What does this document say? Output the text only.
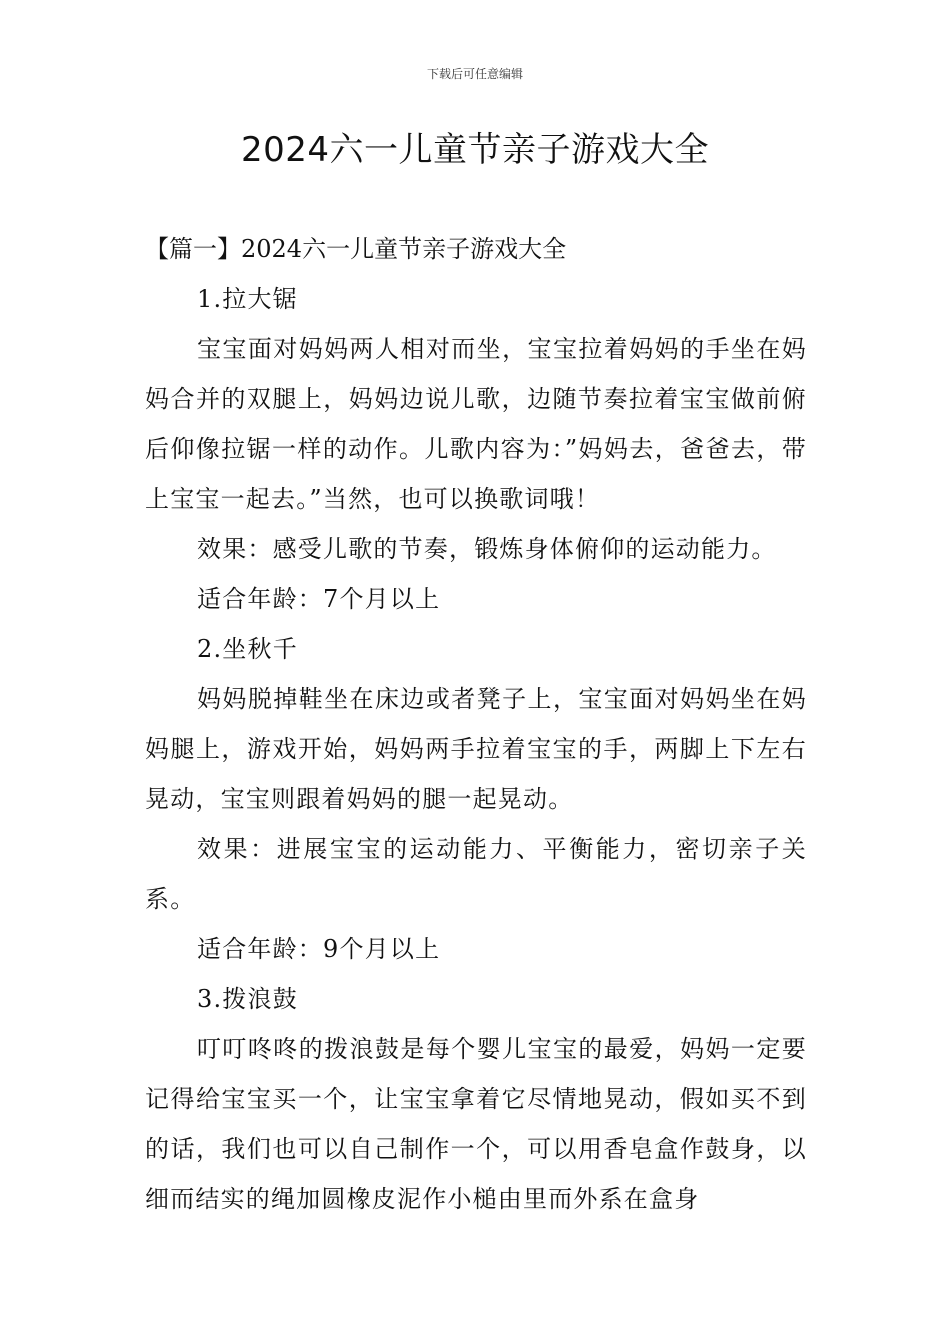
下载后可任意编辑
2024六一儿童节亲子游戏大全
【篇一】2024六一儿童节亲子游戏大全

1.拉大锯

宝宝面对妈妈两人相对而坐，宝宝拉着妈妈的手坐在妈妈合并的双腿上，妈妈边说儿歌，边随节奏拉着宝宝做前俯后仰像拉锯一样的动作。儿歌内容为：”妈妈去，爸爸去，带上宝宝一起去。”当然，也可以换歌词哦！

效果：感受儿歌的节奏，锻炼身体俯仰的运动能力。

适合年龄：7个月以上

2.坐秋千

妈妈脱掉鞋坐在床边或者凳子上，宝宝面对妈妈坐在妈妈腿上，游戏开始，妈妈两手拉着宝宝的手，两脚上下左右晃动，宝宝则跟着妈妈的腿一起晃动。

效果：进展宝宝的运动能力、平衡能力，密切亲子关系。

适合年龄：9个月以上

3.拨浪鼓

叮叮咚咚的拨浪鼓是每个婴儿宝宝的最爱，妈妈一定要记得给宝宝买一个，让宝宝拿着它尽情地晃动，假如买不到的话，我们也可以自己制作一个，可以用香皂盒作鼓身，以细而结实的绳加圆橡皮泥作小槌由里而外系在盒身
